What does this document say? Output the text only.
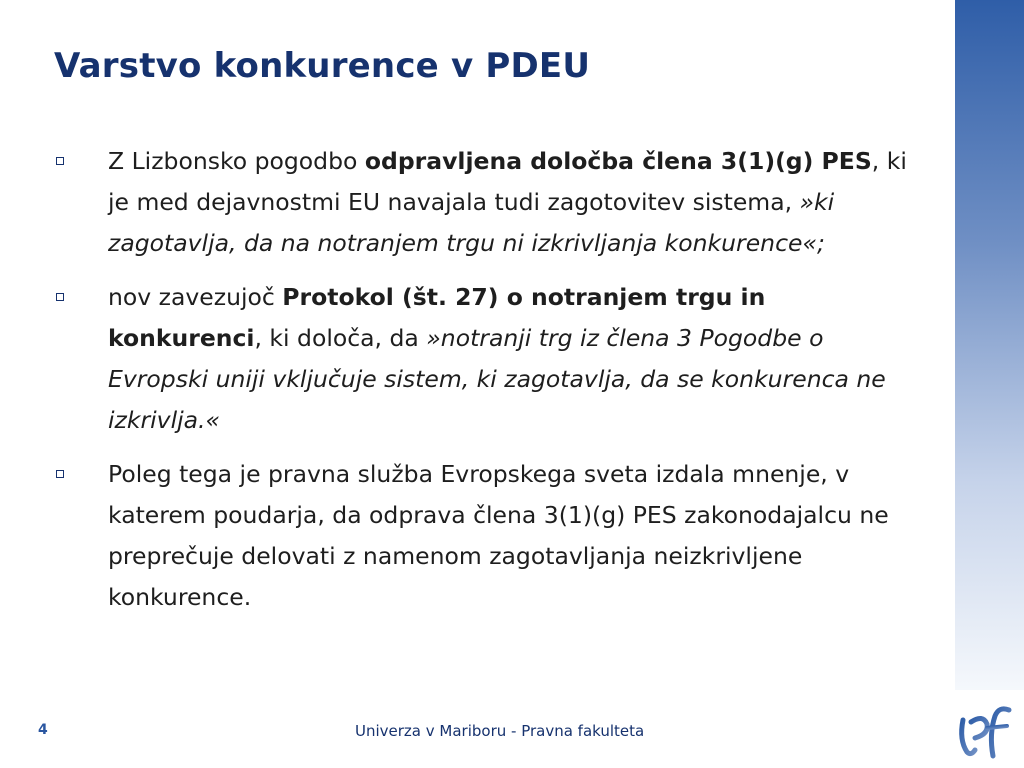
Varstvo konkurence v PDEU
Z Lizbonsko pogodbo odpravljena določba člena 3(1)(g) PES, ki je med dejavnostmi EU navajala tudi zagotovitev sistema, »ki zagotavlja, da na notranjem trgu ni izkrivljanja konkurence«;
nov zavezujoč Protokol (št. 27) o notranjem trgu in konkurenci, ki določa, da »notranji trg iz člena 3 Pogodbe o Evropski uniji vključuje sistem, ki zagotavlja, da se konkurenca ne izkrivlja.«
Poleg tega je pravna služba Evropskega sveta izdala mnenje, v katerem poudarja, da odprava člena 3(1)(g) PES zakonodajalcu ne preprečuje delovati z namenom zagotavljanja neizkrivljene konkurence.
4	Univerza v Mariboru - Pravna fakulteta
